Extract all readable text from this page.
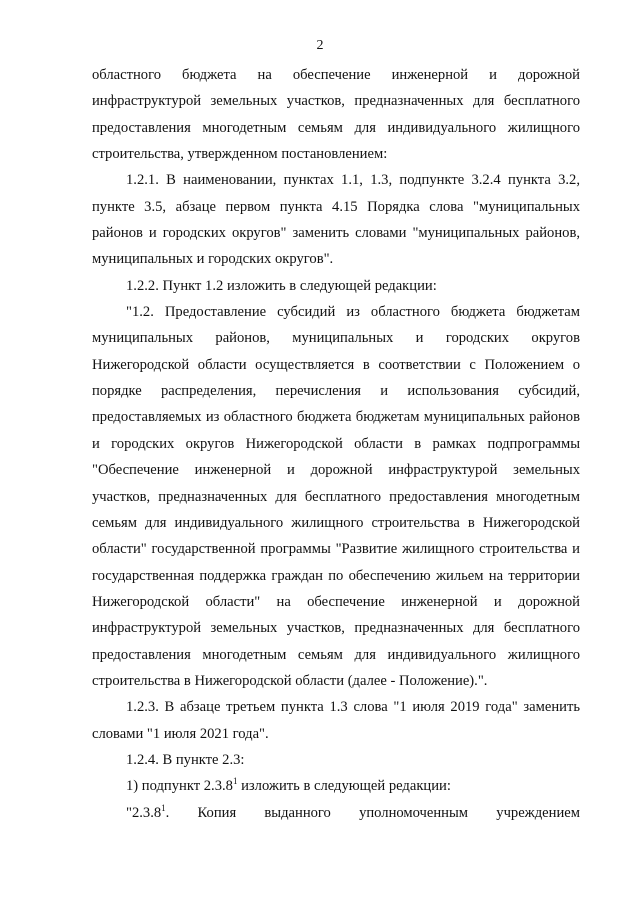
2

областного бюджета на обеспечение инженерной и дорожной инфраструктурой земельных участков, предназначенных для бесплатного предоставления многодетным семьям для индивидуального жилищного строительства, утвержденном постановлением:

1.2.1. В наименовании, пунктах 1.1, 1.3, подпункте 3.2.4 пункта 3.2, пункте 3.5, абзаце первом пункта 4.15 Порядка слова "муниципальных районов и городских округов" заменить словами "муниципальных районов, муниципальных и городских округов".

1.2.2. Пункт 1.2 изложить в следующей редакции:

"1.2. Предоставление субсидий из областного бюджета бюджетам муниципальных районов, муниципальных и городских округов Нижегородской области осуществляется в соответствии с Положением о порядке распределения, перечисления и использования субсидий, предоставляемых из областного бюджета бюджетам муниципальных районов и городских округов Нижегородской области в рамках подпрограммы "Обеспечение инженерной и дорожной инфраструктурой земельных участков, предназначенных для бесплатного предоставления многодетным семьям для индивидуального жилищного строительства в Нижегородской области" государственной программы "Развитие жилищного строительства и государственная поддержка граждан по обеспечению жильем на территории Нижегородской области" на обеспечение инженерной и дорожной инфраструктурой земельных участков, предназначенных для бесплатного предоставления многодетным семьям для индивидуального жилищного строительства в Нижегородской области (далее - Положение).".

1.2.3. В абзаце третьем пункта 1.3 слова "1 июля 2019 года" заменить словами "1 июля 2021 года".

1.2.4. В пункте 2.3:

1) подпункт 2.3.8$^1$ изложить в следующей редакции:

"2.3.8$^1$. Копия выданного уполномоченным учреждением
